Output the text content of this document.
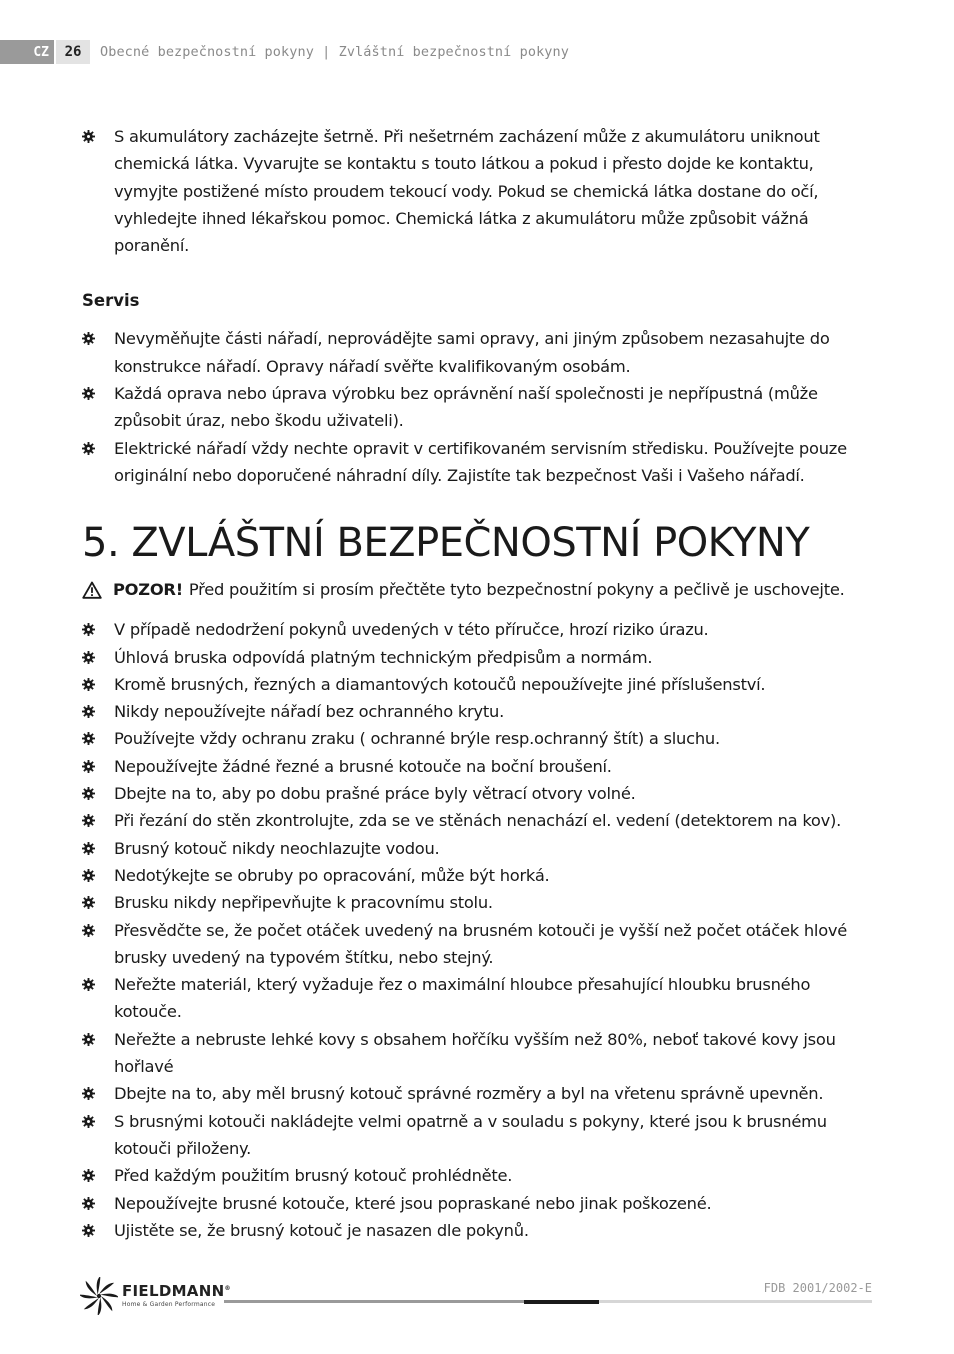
CZ	26	Obecné bezpečnostní pokyny | Zvláštní bezpečnostní pokyny
S akumulátory zacházejte šetrně. Při nešetrném zacházení může z akumulátoru uniknout chemická látka. Vyvarujte se kontaktu s touto látkou a pokud i přesto dojde ke kontaktu, vymyjte postižené místo proudem tekoucí vody. Pokud se chemická látka dostane do očí, vyhledejte ihned lékařskou pomoc. Chemická látka z akumulátoru může způsobit vážná poranění.
Servis
Nevyměňujte části nářadí, neprovádějte sami opravy, ani jiným způsobem nezasahujte do konstrukce nářadí. Opravy nářadí svěřte kvalifikovaným osobám.
Každá oprava nebo úprava výrobku bez oprávnění naší společnosti je nepřípustná (může způsobit úraz, nebo škodu uživateli).
Elektrické nářadí vždy nechte opravit v certifikovaném servisním středisku. Používejte pouze originální nebo doporučené náhradní díly. Zajistíte tak bezpečnost Vaši i Vašeho nářadí.
5. ZVLÁŠTNÍ BEZPEČNOSTNÍ POKYNY
POZOR! Před použitím si prosím přečtěte tyto bezpečnostní pokyny a pečlivě je uschovejte.
V případě nedodržení pokynů uvedených v této příručce, hrozí riziko úrazu.
Úhlová bruska odpovídá platným technickým předpisům a normám.
Kromě brusných, řezných a diamantových kotoučů nepoužívejte jiné příslušenství.
Nikdy nepoužívejte nářadí bez ochranného krytu.
Používejte vždy ochranu zraku ( ochranné brýle resp.ochranný štít) a sluchu.
Nepoužívejte žádné řezné a brusné kotouče na boční broušení.
Dbejte na to, aby po dobu prašné práce byly větrací otvory volné.
Při řezání do stěn zkontrolujte, zda se ve stěnách nenachází el. vedení (detektorem na kov).
Brusný kotouč nikdy neochlazujte vodou.
Nedotýkejte se obruby po opracování, může být horká.
Brusku nikdy nepřipevňujte k pracovnímu stolu.
Přesvědčte se, že počet otáček uvedený na brusném kotouči je vyšší než počet otáček hlové brusky uvedený na typovém štítku, nebo stejný.
Neřežte materiál, který vyžaduje řez o maximální hloubce přesahující hloubku brusného kotouče.
Neřežte a nebruste lehké kovy s obsahem hořčíku vyšším než 80%, neboť takové kovy jsou hořlavé
Dbejte na to, aby měl brusný kotouč správné rozměry a byl na vřetenu správně upevněn.
S brusnými kotouči nakládejte velmi opatrně a v souladu s pokyny, které jsou k brusnému kotouči přiloženy.
Před každým použitím brusný kotouč prohlédněte.
Nepoužívejte brusné kotouče, které jsou popraskané nebo jinak poškozené.
Ujistěte se, že brusný kotouč je nasazen dle pokynů.
FIELDMANN®
Home & Garden Performance
FDB 2001/2002-E
